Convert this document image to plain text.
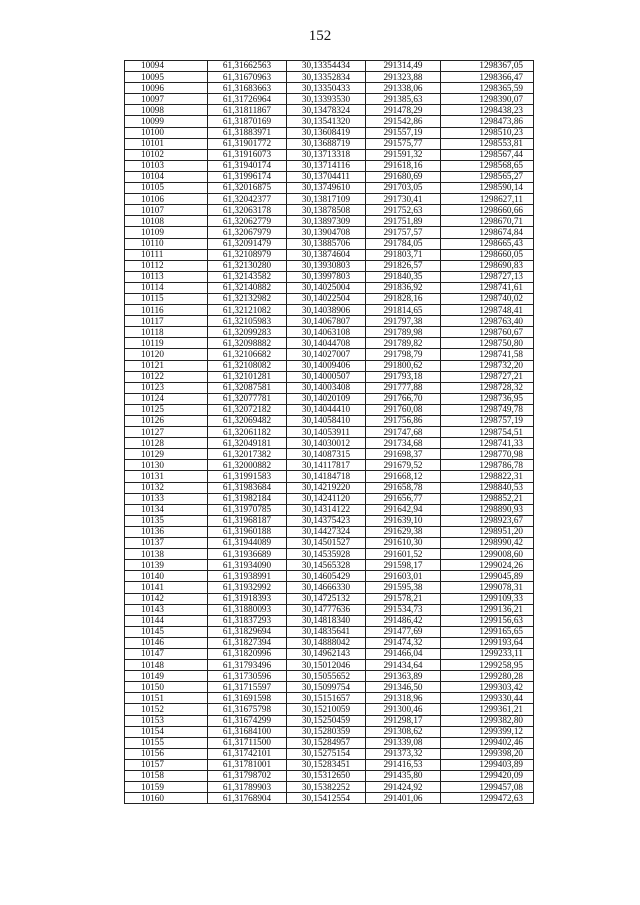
152
10094	61,31662563	30,13354434	291314,49	1298367,05
10095	61,31670963	30,13352834	291323,88	1298366,47
10096	61,31683663	30,13350433	291338,06	1298365,59
10097	61,31726964	30,13393530	291385,63	1298390,07
10098	61,31811867	30,13478324	291478,29	1298438,23
10099	61,31870169	30,13541320	291542,86	1298473,86
10100	61,31883971	30,13608419	291557,19	1298510,23
10101	61,31901772	30,13688719	291575,77	1298553,81
10102	61,31916073	30,13713318	291591,32	1298567,44
10103	61,31940174	30,13714116	291618,16	1298568,65
10104	61,31996174	30,13704411	291680,69	1298565,27
10105	61,32016875	30,13749610	291703,05	1298590,14
10106	61,32042377	30,13817109	291730,41	1298627,11
10107	61,32063178	30,13878508	291752,63	1298660,66
10108	61,32062779	30,13897309	291751,89	1298670,71
10109	61,32067979	30,13904708	291757,57	1298674,84
10110	61,32091479	30,13885706	291784,05	1298665,43
10111	61,32108979	30,13874604	291803,71	1298660,05
10112	61,32130280	30,13930803	291826,57	1298690,83
10113	61,32143582	30,13997803	291840,35	1298727,13
10114	61,32140882	30,14025004	291836,92	1298741,61
10115	61,32132982	30,14022504	291828,16	1298740,02
10116	61,32121082	30,14038906	291814,65	1298748,41
10117	61,32105983	30,14067807	291797,38	1298763,40
10118	61,32099283	30,14063108	291789,98	1298760,67
10119	61,32098882	30,14044708	291789,82	1298750,80
10120	61,32106682	30,14027007	291798,79	1298741,58
10121	61,32108082	30,14009406	291800,62	1298732,20
10122	61,32101281	30,14000507	291793,18	1298727,21
10123	61,32087581	30,14003408	291777,88	1298728,32
10124	61,32077781	30,14020109	291766,70	1298736,95
10125	61,32072182	30,14044410	291760,08	1298749,78
10126	61,32069482	30,14058410	291756,86	1298757,19
10127	61,32061182	30,14053911	291747,68	1298754,51
10128	61,32049181	30,14030012	291734,68	1298741,33
10129	61,32017382	30,14087315	291698,37	1298770,98
10130	61,32000882	30,14117817	291679,52	1298786,78
10131	61,31991583	30,14184718	291668,12	1298822,31
10132	61,31983684	30,14219220	291658,78	1298840,53
10133	61,31982184	30,14241120	291656,77	1298852,21
10134	61,31970785	30,14314122	291642,94	1298890,93
10135	61,31968187	30,14375423	291639,10	1298923,67
10136	61,31960188	30,14427324	291629,38	1298951,20
10137	61,31944089	30,14501527	291610,30	1298990,42
10138	61,31936689	30,14535928	291601,52	1299008,60
10139	61,31934090	30,14565328	291598,17	1299024,26
10140	61,31938991	30,14605429	291603,01	1299045,89
10141	61,31932992	30,14666330	291595,38	1299078,31
10142	61,31918393	30,14725132	291578,21	1299109,33
10143	61,31880093	30,14777636	291534,73	1299136,21
10144	61,31837293	30,14818340	291486,42	1299156,63
10145	61,31829694	30,14835641	291477,69	1299165,65
10146	61,31827394	30,14888042	291474,32	1299193,64
10147	61,31820996	30,14962143	291466,04	1299233,11
10148	61,31793496	30,15012046	291434,64	1299258,95
10149	61,31730596	30,15055652	291363,89	1299280,28
10150	61,31715597	30,15099754	291346,50	1299303,42
10151	61,31691598	30,15151657	291318,96	1299330,44
10152	61,31675798	30,15210059	291300,46	1299361,21
10153	61,31674299	30,15250459	291298,17	1299382,80
10154	61,31684100	30,15280359	291308,62	1299399,12
10155	61,31711500	30,15284957	291339,08	1299402,46
10156	61,31742101	30,15275154	291373,32	1299398,20
10157	61,31781001	30,15283451	291416,53	1299403,89
10158	61,31798702	30,15312650	291435,80	1299420,09
10159	61,31789903	30,15382252	291424,92	1299457,08
10160	61,31768904	30,15412554	291401,06	1299472,63
